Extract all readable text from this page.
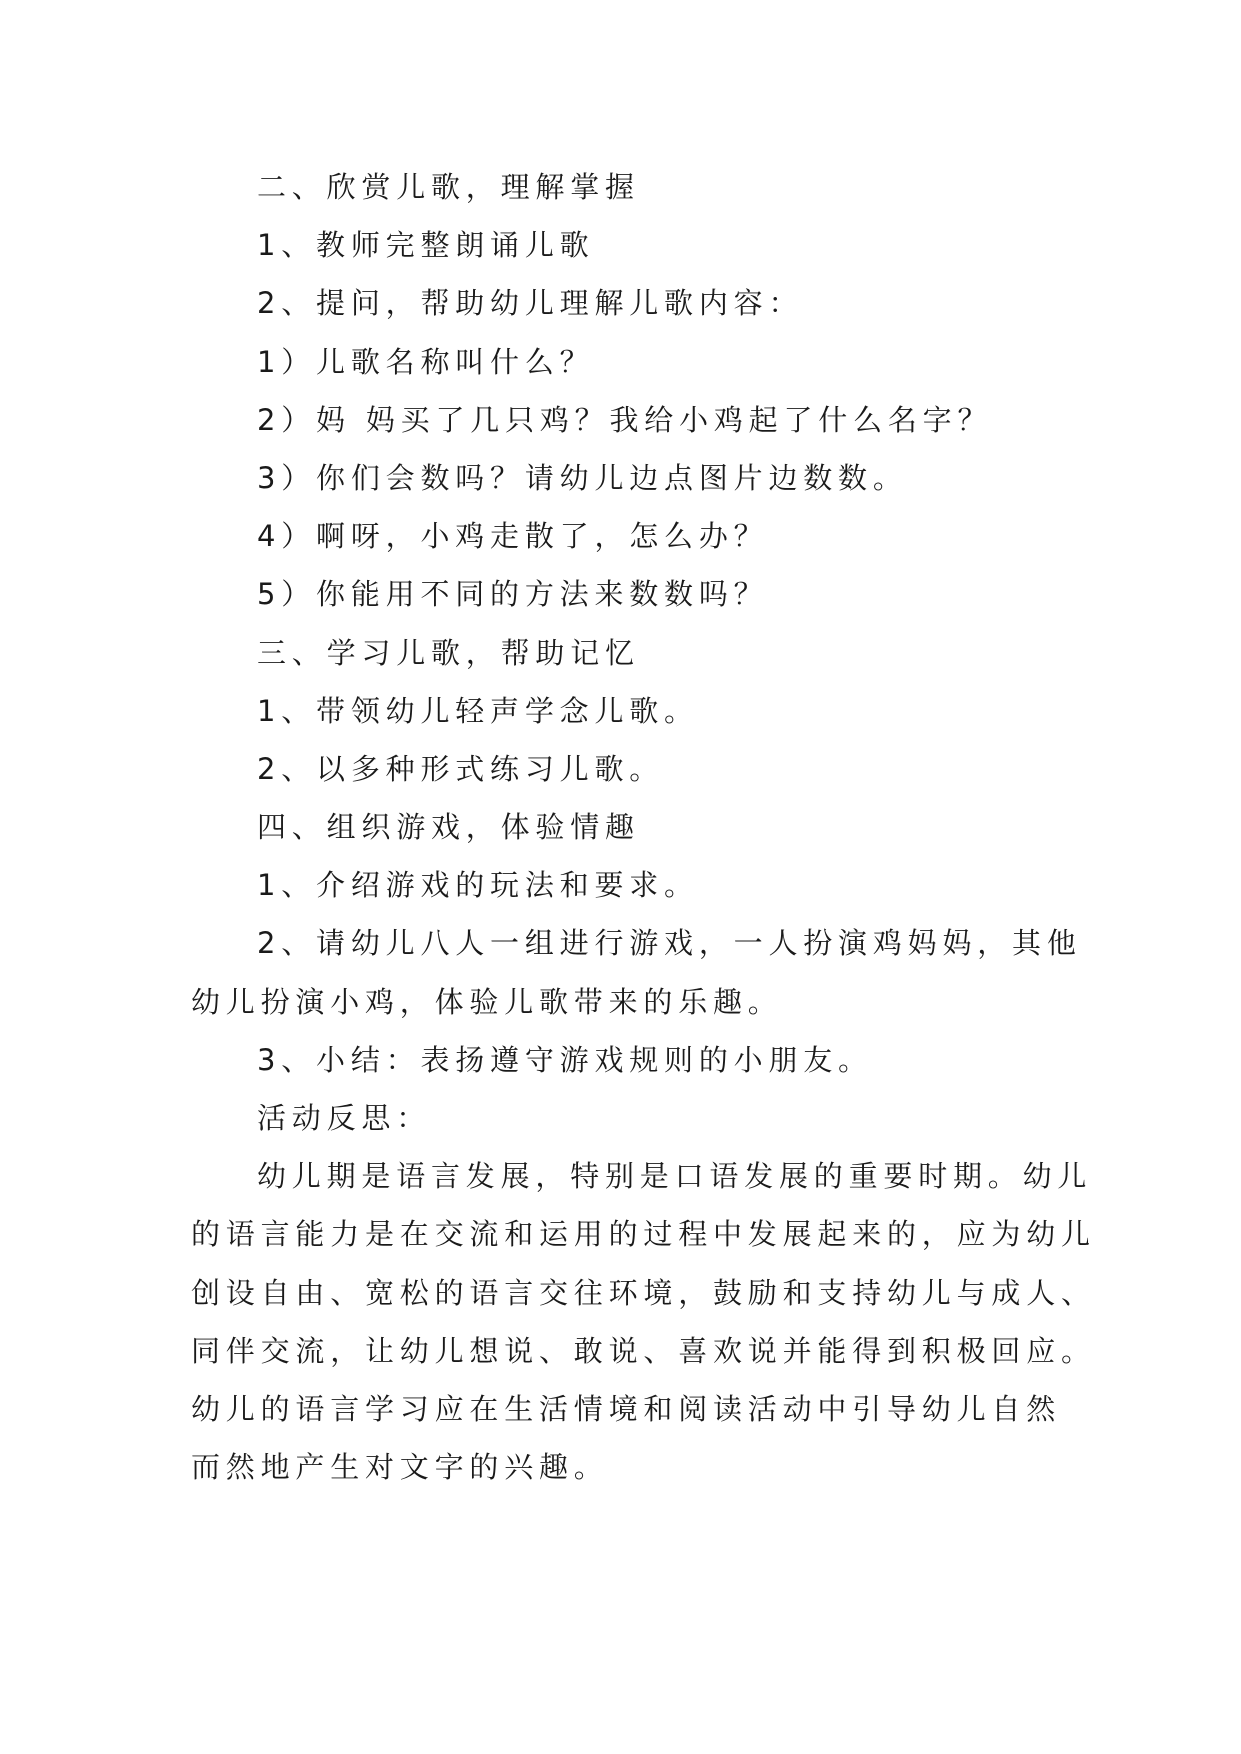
二、欣赏儿歌，理解掌握
1、教师完整朗诵儿歌
2、提问，帮助幼儿理解儿歌内容：
1）儿歌名称叫什么？
2）妈 妈买了几只鸡？我给小鸡起了什么名字？
3）你们会数吗？请幼儿边点图片边数数。
4）啊呀，小鸡走散了，怎么办？
5）你能用不同的方法来数数吗？
三、学习儿歌，帮助记忆
1、带领幼儿轻声学念儿歌。
2、以多种形式练习儿歌。
四、组织游戏，体验情趣
1、介绍游戏的玩法和要求。
2、请幼儿八人一组进行游戏，一人扮演鸡妈妈，其他
幼儿扮演小鸡，体验儿歌带来的乐趣。
3、小结：表扬遵守游戏规则的小朋友。
活动反思：
幼儿期是语言发展，特别是口语发展的重要时期。幼儿
的语言能力是在交流和运用的过程中发展起来的，应为幼儿
创设自由、宽松的语言交往环境，鼓励和支持幼儿与成人、
同伴交流，让幼儿想说、敢说、喜欢说并能得到积极回应。
幼儿的语言学习应在生活情境和阅读活动中引导幼儿自然
而然地产生对文字的兴趣。
